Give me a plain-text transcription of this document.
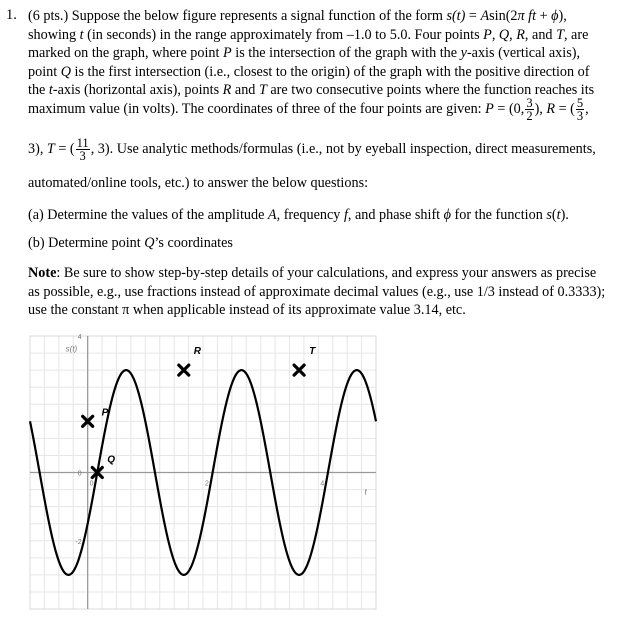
1. (6 pts.) Suppose the below figure represents a signal function of the form s(t) = Asin(2π ft + ϕ),
showing t (in seconds) in the range approximately from –1.0 to 5.0. Four points P, Q, R, and T, are
marked on the graph, where point P is the intersection of the graph with the y-axis (vertical axis),
point Q is the first intersection (i.e., closest to the origin) of the graph with the positive direction of
the t-axis (horizontal axis), points R and T are two consecutive points where the function reaches its
maximum value (in volts). The coordinates of three of the four points are given: P = (0, $\frac{3}{2}$ ), R = ( $\frac{5}{3}$ ,
3), T = ( $\frac{11}{3}$ , 3). Use analytic methods/formulas (i.e., not by eyeball inspection, direct measurements,
automated/online tools, etc.) to answer the below questions:
(a) Determine the values of the amplitude A, frequency f, and phase shift ϕ for the function s(t).
(b) Determine point Q’s coordinates
Note: Be sure to show step-by-step details of your calculations, and express your answers as precise
as possible, e.g., use fractions instead of approximate decimal values (e.g., use 1/3 instead of 0.3333);
use the constant π when applicable instead of its approximate value 3.14, etc.
s(t)
t
4
0
-2
0	2	4
P
Q
R	T
